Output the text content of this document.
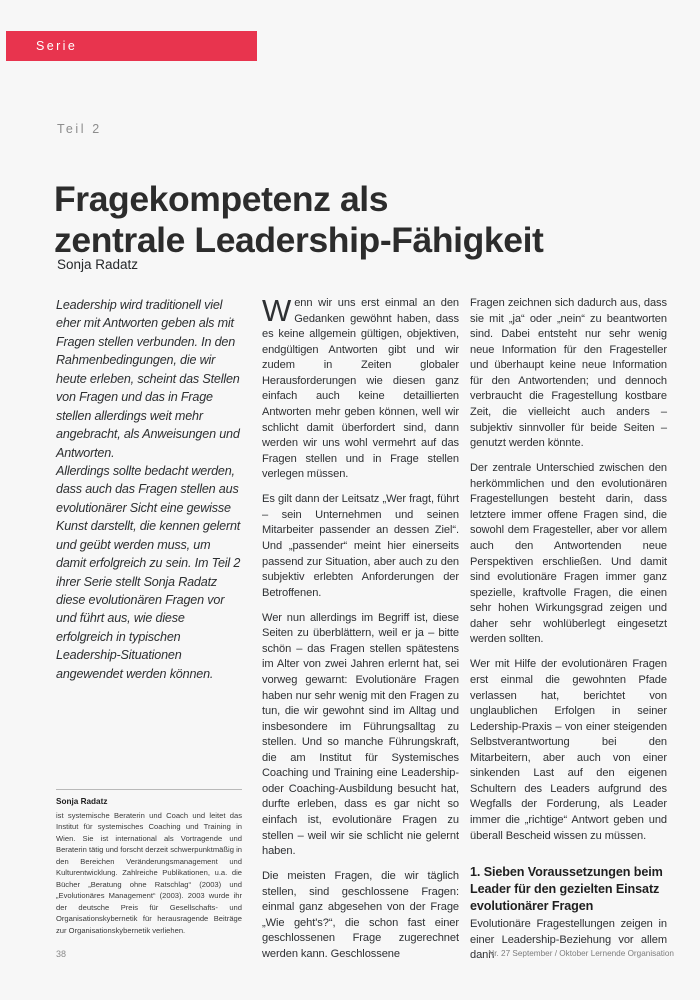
Serie
Teil 2
Fragekompetenz als
zentrale Leadership-Fähigkeit
Sonja Radatz

Leadership wird traditionell viel eher mit Antworten geben als mit Fragen stellen verbunden. In den Rahmenbedingungen, die wir heute erleben, scheint das Stellen von Fragen und das in Frage stellen allerdings weit mehr angebracht, als Anweisungen und Antworten.

Allerdings sollte bedacht werden, dass auch das Fragen stellen aus evolutionärer Sicht eine gewisse Kunst darstellt, die kennen gelernt und geübt werden muss, um damit erfolgreich zu sein. Im Teil 2 ihrer Serie stellt Sonja Radatz diese evolutionären Fragen vor und führt aus, wie diese erfolgreich in typischen Leadership-Situationen angewendet werden können.

Sonja Radatz

ist systemische Beraterin und Coach und leitet das Institut für systemisches Coaching und Training in Wien. Sie ist international als Vortragende und Beraterin tätig und forscht derzeit schwerpunktmäßig in den Bereichen Veränderungsmanagement und Kulturentwicklung. Zahlreiche Publikationen, u.a. die Bücher „Beratung ohne Ratschlag“ (2003) und „Evolutionäres Management“ (2003). 2003 wurde ihr der deutsche Preis für Gesellschafts- und Organisationskybernetik für herausragende Beiträge zur Organisationskybernetik verliehen.

Wenn wir uns erst einmal an den Gedanken gewöhnt haben, dass es keine allgemein gültigen, objektiven, endgültigen Antworten gibt und wir zudem in Zeiten globaler Herausforderungen wie diesen ganz einfach auch keine detaillierten Antworten mehr geben können, well wir schlicht damit überfordert sind, dann werden wir uns wohl vermehrt auf das Fragen stellen und in Frage stellen verlegen müssen.

Es gilt dann der Leitsatz „Wer fragt, führt – sein Unternehmen und seinen Mitarbeiter passender an dessen Ziel“. Und „passender“ meint hier einerseits passend zur Situation, aber auch zu den subjektiv erlebten Anforderungen der Betroffenen.

Wer nun allerdings im Begriff ist, diese Seiten zu überblättern, weil er ja – bitte schön – das Fragen stellen spätestens im Alter von zwei Jahren erlernt hat, sei vorweg gewarnt: Evolutionäre Fragen haben nur sehr wenig mit den Fragen zu tun, die wir gewohnt sind im Alltag und insbesondere im Führungsalltag zu stellen. Und so manche Führungskraft, die am Institut für Systemisches Coaching und Training eine Leadership- oder Coaching-Ausbildung besucht hat, durfte erleben, dass es gar nicht so einfach ist, evolutionäre Fragen zu stellen – weil wir sie schlicht nie gelernt haben.

Die meisten Fragen, die wir täglich stellen, sind geschlossene Fragen: einmal ganz abgesehen von der Frage „Wie geht's?“, die schon fast einer geschlossenen Frage zugerechnet werden kann. Geschlossene

Fragen zeichnen sich dadurch aus, dass sie mit „ja“ oder „nein“ zu beantworten sind. Dabei entsteht nur sehr wenig neue Information für den Fragesteller und überhaupt keine neue Information für den Antwortenden; und dennoch verbraucht die Fragestellung kostbare Zeit, die vielleicht auch anders – subjektiv sinnvoller für beide Seiten – genutzt werden könnte.

Der zentrale Unterschied zwischen den herkömmlichen und den evolutionären Fragestellungen besteht darin, dass letztere immer offene Fragen sind, die sowohl dem Fragesteller, aber vor allem auch den Antwortenden neue Perspektiven erschließen. Und damit sind evolutionäre Fragen immer ganz spezielle, kraftvolle Fragen, die einen sehr hohen Wirkungsgrad zeigen und daher sehr wohlüberlegt eingesetzt werden sollten.

Wer mit Hilfe der evolutionären Fragen erst einmal die gewohnten Pfade verlassen hat, berichtet von unglaublichen Erfolgen in seiner Ledership-Praxis – von einer steigenden Selbstverantwortung bei den Mitarbeitern, aber auch von einer sinkenden Last auf den eigenen Schultern des Leaders aufgrund des Wegfalls der Forderung, als Leader immer die „richtige“ Antwort geben und überall Bescheid wissen zu müssen.

1. Sieben Voraussetzungen beim Leader für den gezielten Einsatz evolutionärer Fragen

Evolutionäre Fragestellungen zeigen in einer Leadership-Beziehung vor allem dann

38	Nr. 27 September / Oktober Lernende Organisation
